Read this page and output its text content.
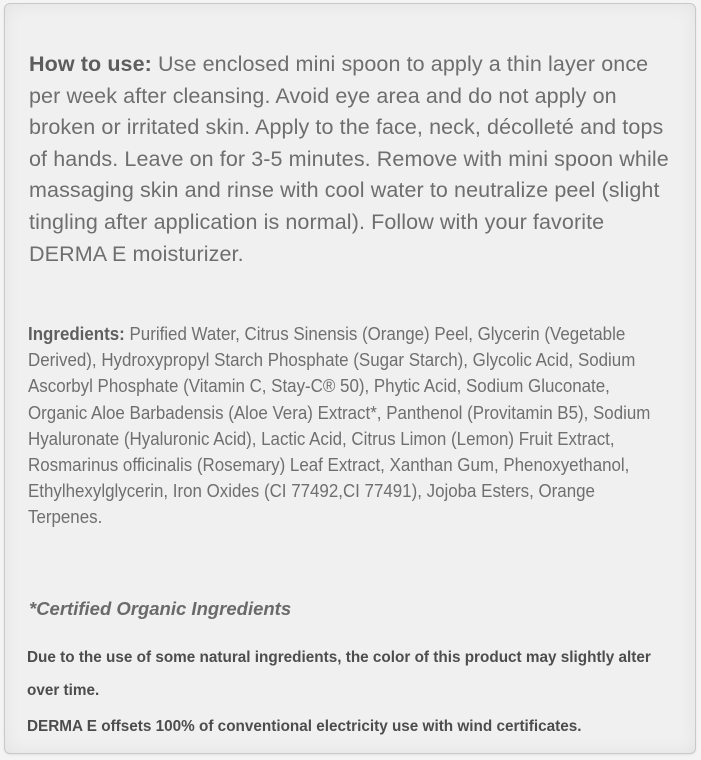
How to use: Use enclosed mini spoon to apply a thin layer once per week after cleansing. Avoid eye area and do not apply on broken or irritated skin. Apply to the face, neck, décolleté and tops of hands. Leave on for 3-5 minutes. Remove with mini spoon while massaging skin and rinse with cool water to neutralize peel (slight tingling after application is normal). Follow with your favorite DERMA E moisturizer.

Ingredients: Purified Water, Citrus Sinensis (Orange) Peel, Glycerin (Vegetable Derived), Hydroxypropyl Starch Phosphate (Sugar Starch), Glycolic Acid, Sodium Ascorbyl Phosphate (Vitamin C, Stay-C® 50), Phytic Acid, Sodium Gluconate, Organic Aloe Barbadensis (Aloe Vera) Extract*, Panthenol (Provitamin B5), Sodium Hyaluronate (Hyaluronic Acid), Lactic Acid, Citrus Limon (Lemon) Fruit Extract, Rosmarinus officinalis (Rosemary) Leaf Extract, Xanthan Gum, Phenoxyethanol, Ethylhexylglycerin, Iron Oxides (CI 77492,CI 77491), Jojoba Esters, Orange Terpenes.

*Certified Organic Ingredients

Due to the use of some natural ingredients, the color of this product may slightly alter over time.

DERMA E offsets 100% of conventional electricity use with wind certificates.
